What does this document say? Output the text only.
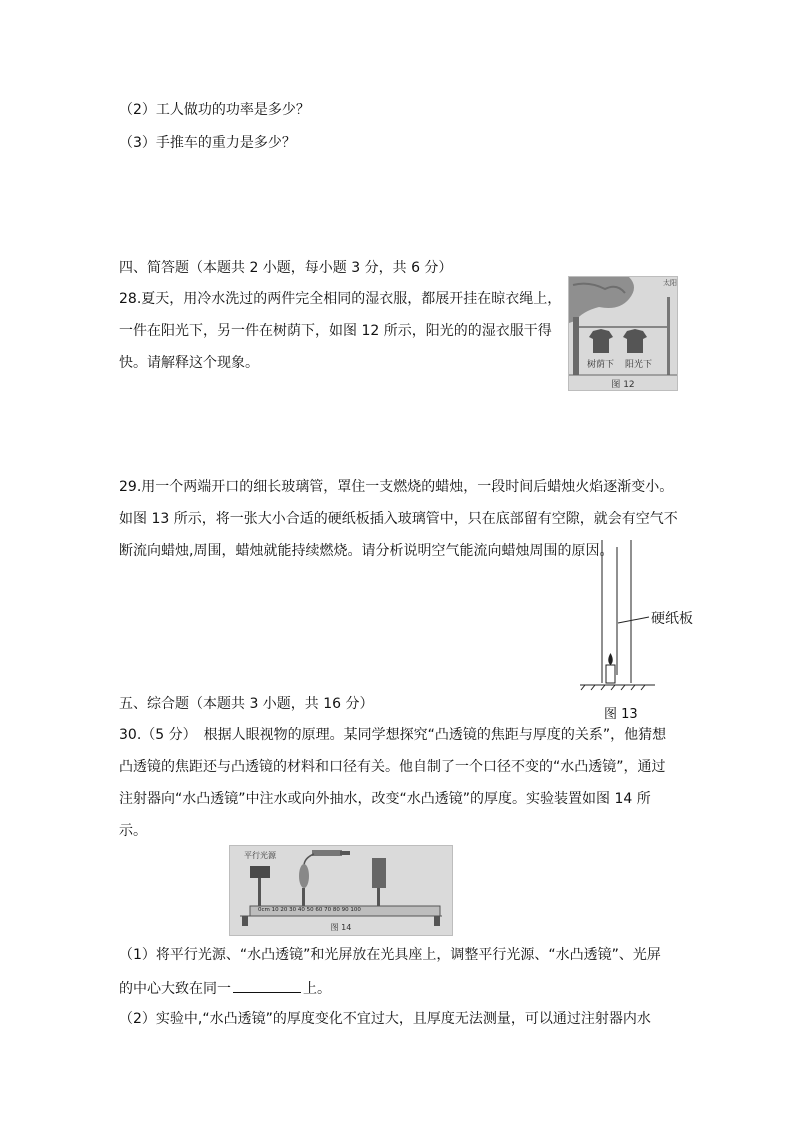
（2）工人做功的功率是多少？
（3）手推车的重力是多少？
四、简答题（本题共 2 小题，每小题 3 分，共 6 分）
28.夏天，用冷水洗过的两件完全相同的湿衣服，都展开挂在晾衣绳上，
一件在阳光下，另一件在树荫下，如图 12 所示，阳光的的湿衣服干得
快。请解释这个现象。
太阳
树荫下 阳光下
图 12
29.用一个两端开口的细长玻璃管，罩住一支燃烧的蜡烛，一段时间后蜡烛火焰逐渐变小。
如图 13 所示，将一张大小合适的硬纸板插入玻璃管中，只在底部留有空隙，就会有空气不
断流向蜡烛,周围，蜡烛就能持续燃烧。请分析说明空气能流向蜡烛周围的原因。
硬纸板
图 13
五、综合题（本题共 3 小题，共 16 分）
30.（5 分）　根据人眼视物的原理。某同学想探究“凸透镜的焦距与厚度的关系”，他猜想
凸透镜的焦距还与凸透镜的材料和口径有关。他自制了一个口径不变的“水凸透镜”，通过
注射器向“水凸透镜”中注水或向外抽水，改变“水凸透镜”的厚度。实验装置如图 14 所
示。
平行光源
0cm 10 20 30 40 50 60 70 80 90 100
图 14
（1）将平行光源、“水凸透镜”和光屏放在光具座上，调整平行光源、“水凸透镜”、光屏
的中心大致在同一	上。
（2）实验中,“水凸透镜”的厚度变化不宜过大，且厚度无法测量，可以通过注射器内水
